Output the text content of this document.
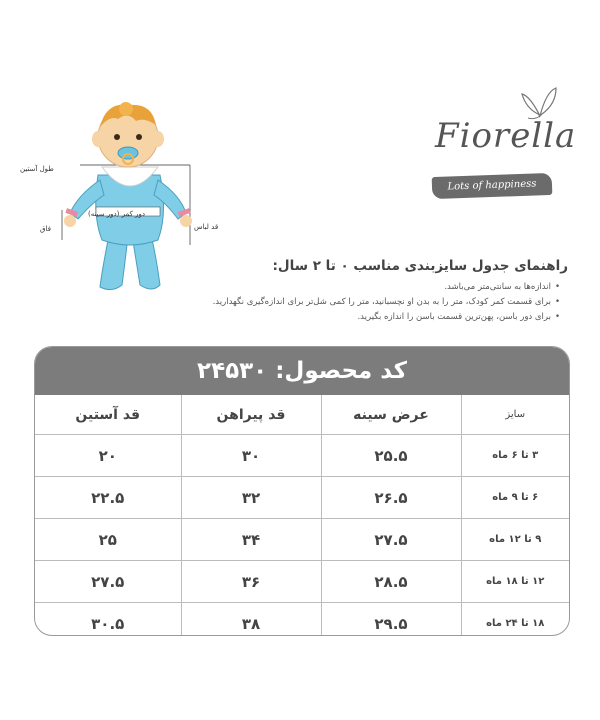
طول آستین
دور کمر (دور سینه)
فاق	قد لباس
Fiorella
Lots of happiness

راهنمای جدول سایزبندی مناسب ۰ تا ۲ سال:

• اندازه‌ها به سانتی‌متر می‌باشد.
• برای قسمت کمر کودک، متر را به بدن او نچسبانید، متر را کمی شل‌تر برای اندازه‌گیری نگهدارید.
• برای دور باسن، پهن‌ترین قسمت باسن را اندازه بگیرید.
کد محصول:
۲۴۵۳۰
سایز	عرض سینه	قد پیراهن	قد آستین
۳ تا ۶ ماه	۲۵.۵	۳۰	۲۰
۶ تا ۹ ماه	۲۶.۵	۳۲	۲۲.۵
۹ تا ۱۲ ماه	۲۷.۵	۳۴	۲۵
۱۲ تا ۱۸ ماه	۲۸.۵	۳۶	۲۷.۵
۱۸ تا ۲۴ ماه	۲۹.۵	۳۸	۳۰.۵
